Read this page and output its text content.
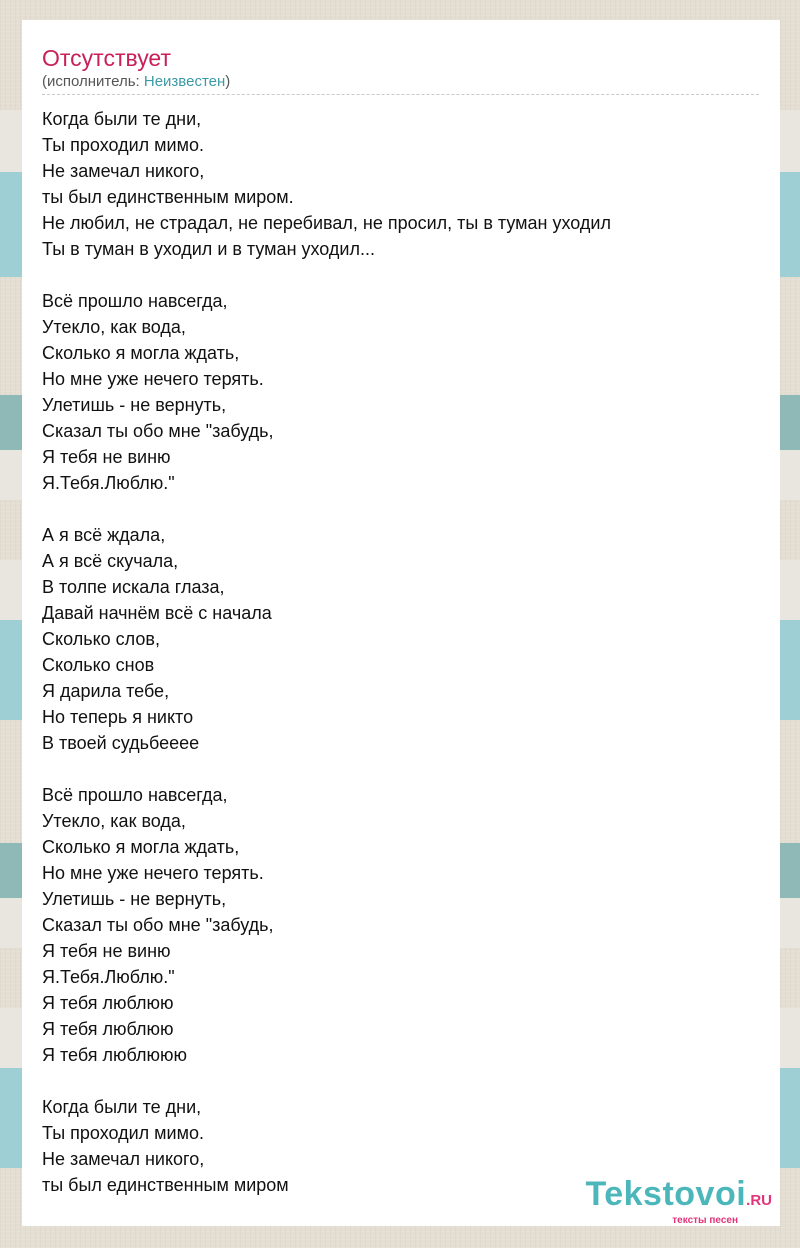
Отсутствует
(исполнитель: Неизвестен)
Когда были те дни,
Ты проходил мимо.
Не замечал никого,
ты был единственным миром.
Не любил, не страдал, не перебивал, не просил, ты в туман уходил
Ты в туман в уходил и в туман уходил...
Всё прошло навсегда,
Утекло, как вода,
Сколько я могла ждать,
Но мне уже нечего терять.
Улетишь - не вернуть,
Сказал ты обо мне "забудь,
Я тебя не виню
Я.Тебя.Люблю."
А я всё ждала,
А я всё скучала,
В толпе искала глаза,
Давай начнём всё с начала
Сколько слов,
Сколько снов
Я дарила тебе,
Но теперь я никто
В твоей судьбееее
Всё прошло навсегда,
Утекло, как вода,
Сколько я могла ждать,
Но мне уже нечего терять.
Улетишь - не вернуть,
Сказал ты обо мне "забудь,
Я тебя не виню
Я.Тебя.Люблю."
Я тебя люблюю
Я тебя люблюю
Я тебя люблююю
Когда были те дни,
Ты проходил мимо.
Не замечал никого,
ты был единственным миром	Tekstovoi.RU
тексты песен
